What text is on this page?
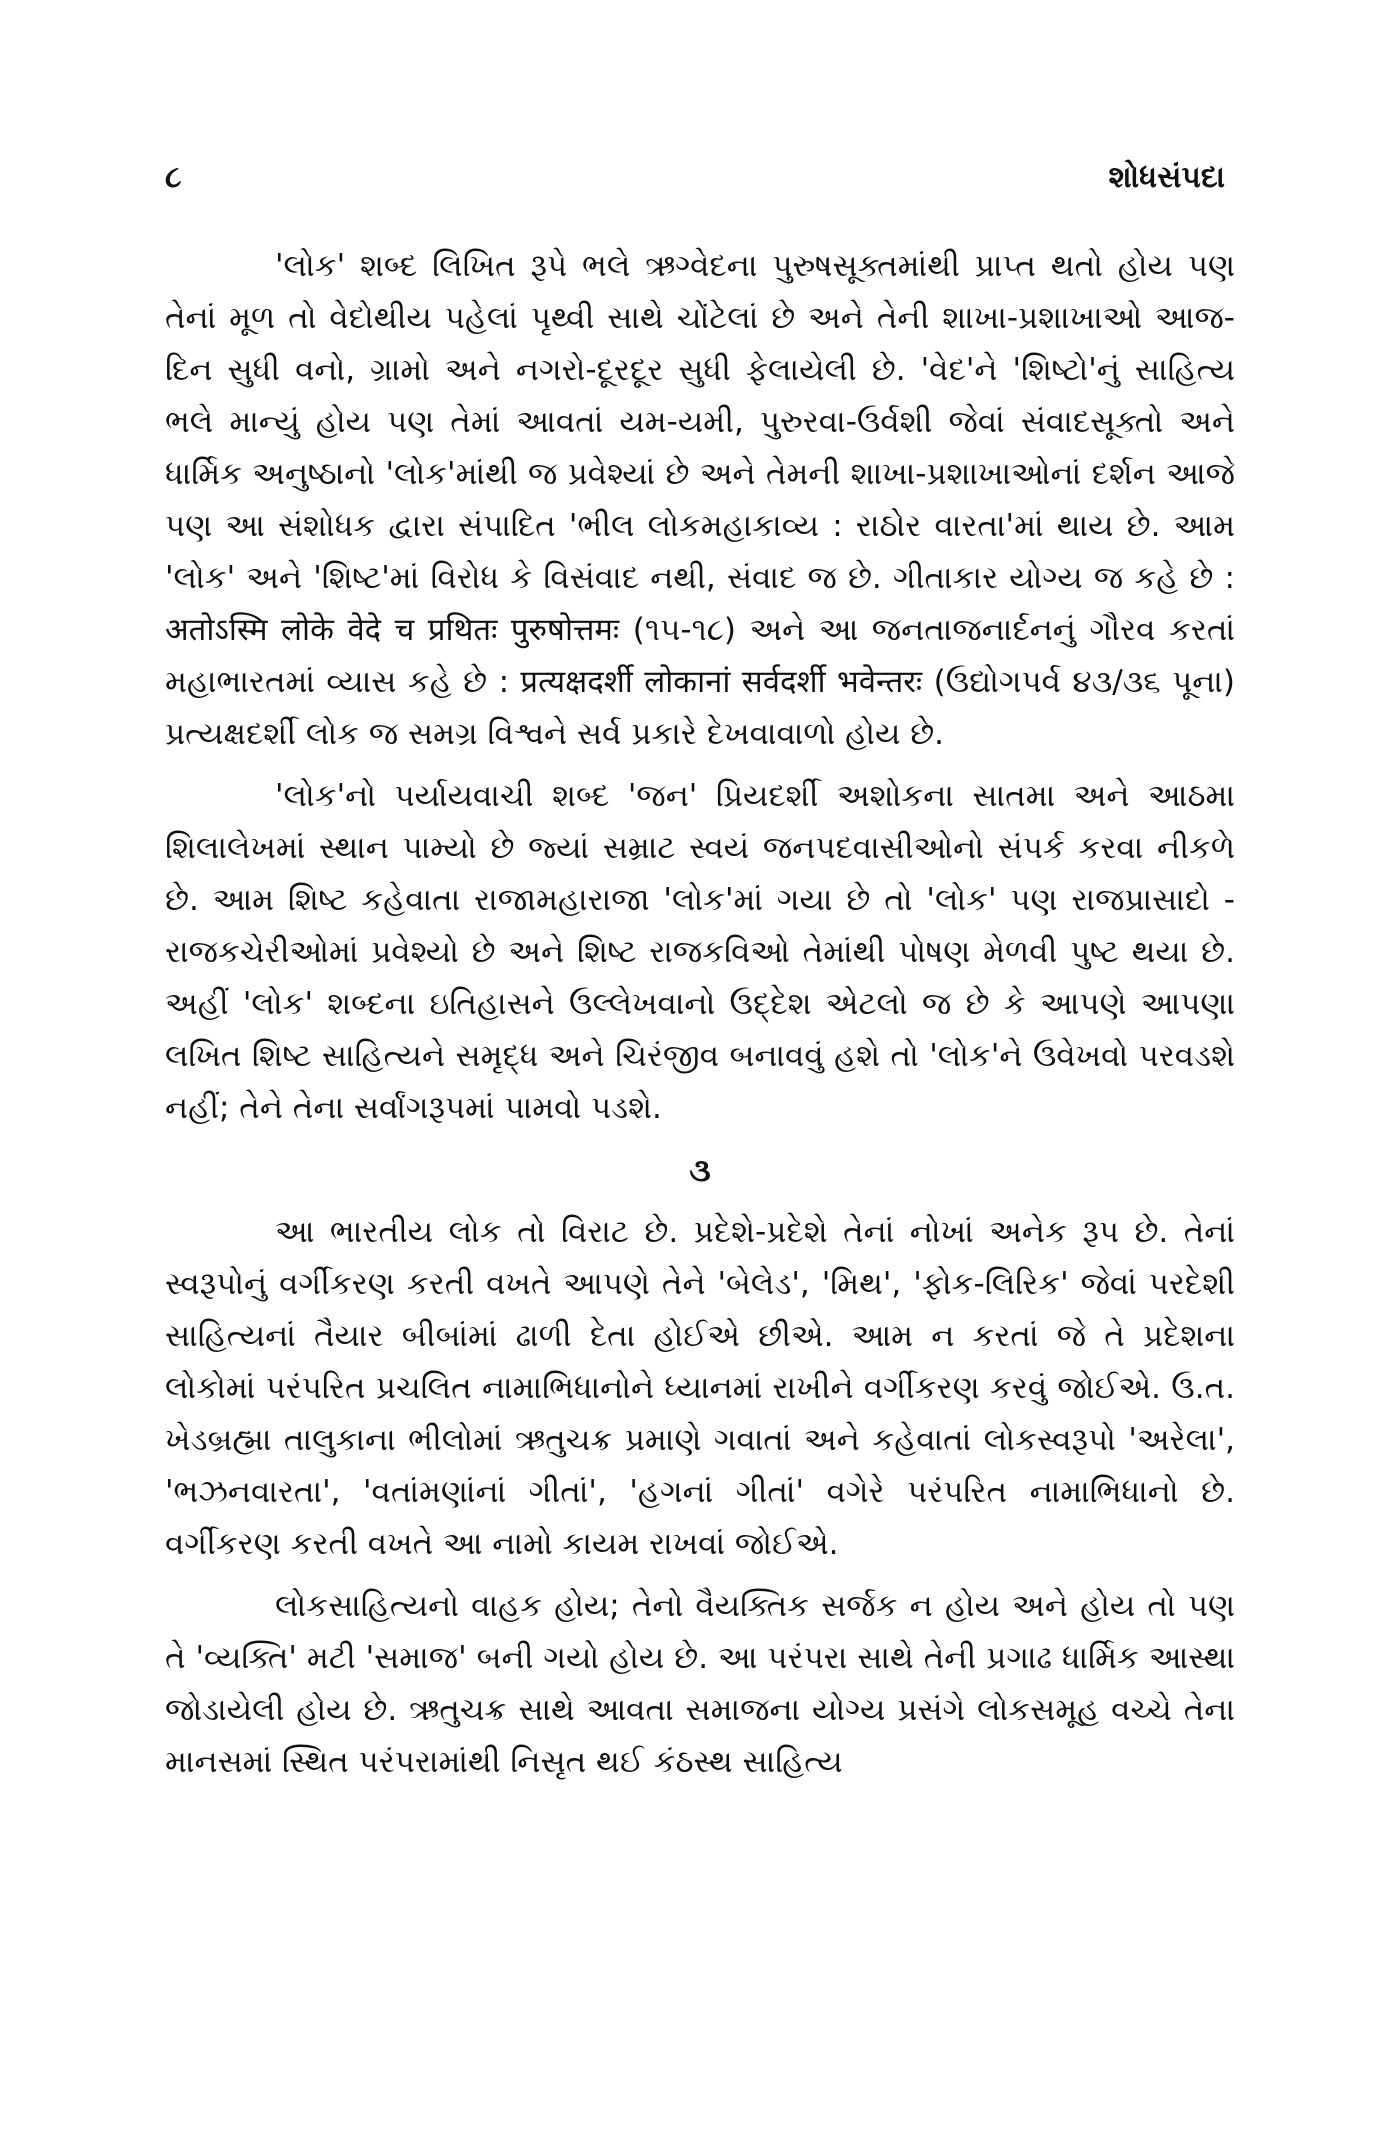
૮	શોધસંપદા

'લોક' શબ્દ લિખિત રૂપે ભલે ઋગ્વેદના પુરુષસૂક્તમાંથી પ્રાપ્ત થતો હોય પણ તેનાં મૂળ તો વેદોથીય પહેલાં પૃથ્વી સાથે ચોંટેલાં છે અને તેની શાખા-પ્રશાખાઓ આજ-દિન સુધી વનો, ગ્રામો અને નગરો-દૂરદૂર સુધી ફેલાયેલી છે. 'વેદ'ને 'શિષ્ટો'નું સાહિત્ય ભલે માન્યું હોય પણ તેમાં આવતાં યમ-યમી, પુરુરવા-ઉર્વશી જેવાં સંવાદસૂક્તો અને ધાર્મિક અનુષ્ઠાનો 'લોક'માંથી જ પ્રવેશ્યાં છે અને તેમની શાખા-પ્રશાખાઓનાં દર્શન આજે પણ આ સંશોધક દ્વારા સંપાદિત 'ભીલ લોકમહાકાવ્ય : રાઠોર વારતા'માં થાય છે. આમ 'લોક' અને 'શિષ્ટ'માં વિરોધ કે વિસંવાદ નથી, સંવાદ જ છે. ગીતાકાર યોગ્ય જ કહે છે : अतोऽस्मि लोके वेदे च प्रथितः पुरुषोत्तमः (૧૫-૧૮) અને આ જનતાજનાર્દનનું ગૌરવ કરતાં મહાભારતમાં વ્યાસ કહે છે : प्रत्यक्षदर्शी लोकानां सर्वदर्शी भवेन्तरः (ઉદ્યોગપર્વ ૪૩/૩૬ પૂના) પ્રત્યક્ષદર્શી લોક જ સમગ્ર વિશ્વને સર્વ પ્રકારે દેખવાવાળો હોય છે.

'લોક'નો પર્યાયવાચી શબ્દ 'જન' પ્રિયદર્શી અશોકના સાતમા અને આઠમા શિલાલેખમાં સ્થાન પામ્યો છે જ્યાં સમ્રાટ સ્વયં જનપદવાસીઓનો સંપર્ક કરવા નીકળે છે. આમ શિષ્ટ કહેવાતા રાજામહારાજા 'લોક'માં ગયા છે તો 'લોક' પણ રાજપ્રાસાદો - રાજકચેરીઓમાં પ્રવેશ્યો છે અને શિષ્ટ રાજકવિઓ તેમાંથી પોષણ મેળવી પુષ્ટ થયા છે. અહીં 'લોક' શબ્દના ઇતિહાસને ઉલ્લેખવાનો ઉદ્દેશ એટલો જ છે કે આપણે આપણા લખિત શિષ્ટ સાહિત્યને સમૃદ્ધ અને ચિરંજીવ બનાવવું હશે તો 'લોક'ને ઉવેખવો પરવડશે નહીં; તેને તેના સર્વાંગરૂપમાં પામવો પડશે.

૩

આ ભારતીય લોક તો વિરાટ છે. પ્રદેશે-પ્રદેશે તેનાં નોખાં અનેક રૂપ છે. તેનાં સ્વરૂપોનું વર્ગીકરણ કરતી વખતે આપણે તેને 'બેલેડ', 'મિથ', 'ફોક-લિરિક' જેવાં પરદેશી સાહિત્યનાં તૈયાર બીબાંમાં ઢાળી દેતા હોઈએ છીએ. આમ ન કરતાં જે તે પ્રદેશના લોકોમાં પરંપરિત પ્રચલિત નામાભિધાનોને ધ્યાનમાં રાખીને વર્ગીકરણ કરવું જોઈએ. ઉ.ત. ખેડબ્રહ્મા તાલુકાના ભીલોમાં ઋતુચક્ર પ્રમાણે ગવાતાં અને કહેવાતાં લોકસ્વરૂપો 'અરેલા', 'ભઝનવારતા', 'વતાંમણાંનાં ગીતાં', 'હગનાં ગીતાં' વગેરે પરંપરિત નામાભિધાનો છે. વર્ગીકરણ કરતી વખતે આ નામો કાયમ રાખવાં જોઈએ.

લોકસાહિત્યનો વાહક હોય; તેનો વૈયક્તિક સર્જક ન હોય અને હોય તો પણ તે 'વ્યક્તિ' મટી 'સમાજ' બની ગયો હોય છે. આ પરંપરા સાથે તેની પ્રગાઢ ધાર્મિક આસ્થા જોડાયેલી હોય છે. ઋતુચક્ર સાથે આવતા સમાજના યોગ્ય પ્રસંગે લોકસમૂહ વચ્ચે તેના માનસમાં સ્થિત પરંપરામાંથી નિસૃત થઈ કંઠસ્થ સાહિત્ય
